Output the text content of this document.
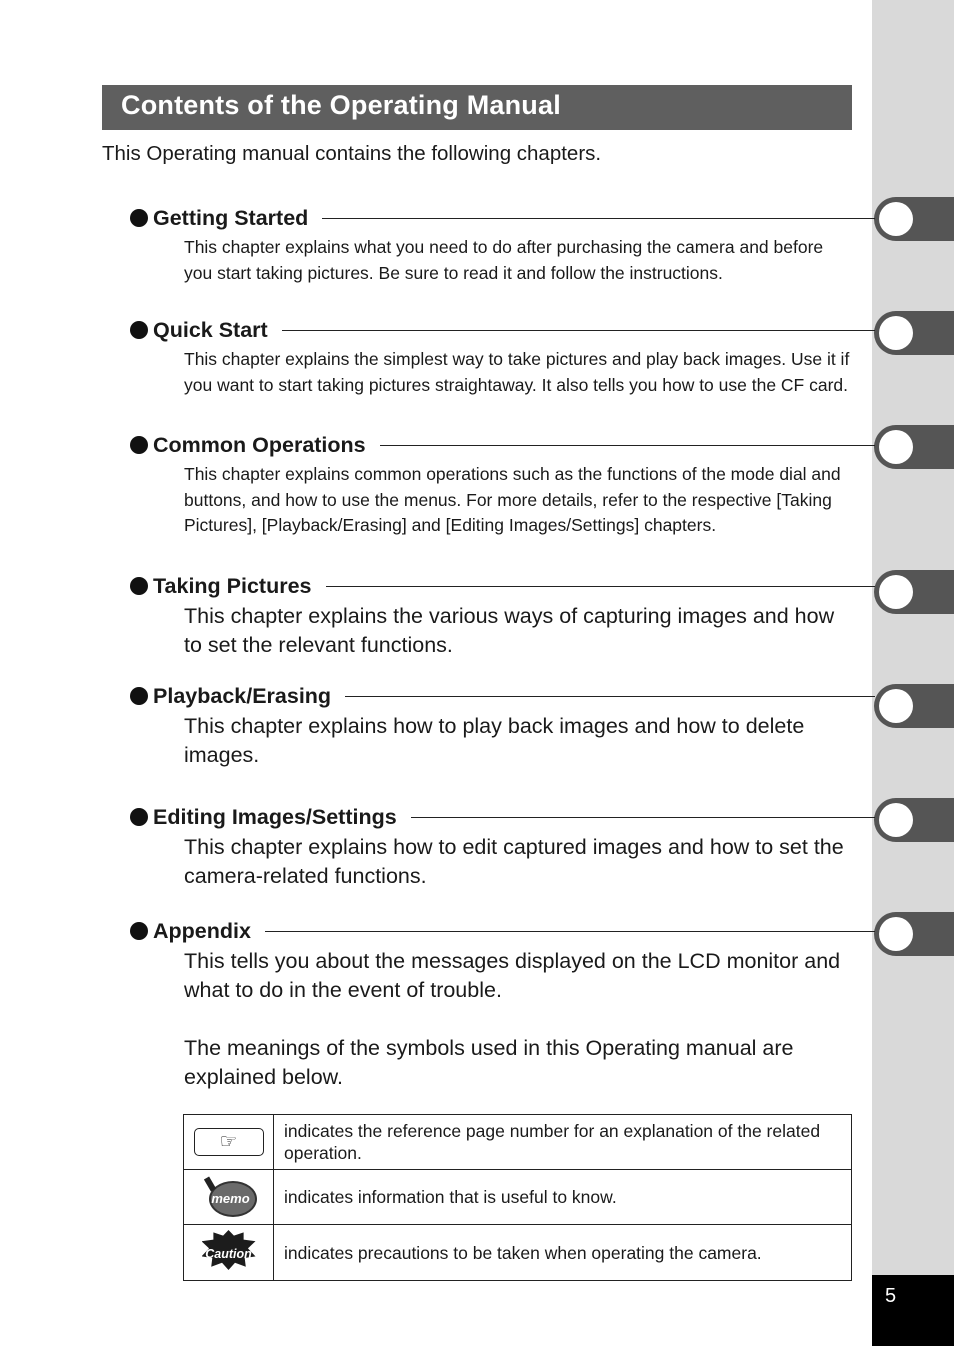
Contents of the Operating Manual
This Operating manual contains the following chapters.
Getting Started

This chapter explains what you need to do after purchasing the camera and before you start taking pictures. Be sure to read it and follow the instructions.

Quick Start

This chapter explains the simplest way to take pictures and play back images. Use it if you want to start taking pictures straightaway. It also tells you how to use the CF card.

Common Operations

This chapter explains common operations such as the functions of the mode dial and buttons, and how to use the menus. For more details, refer to the respective [Taking Pictures], [Playback/Erasing] and [Editing Images/Settings] chapters.

Taking Pictures

This chapter explains the various ways of capturing images and how to set the relevant functions.

Playback/Erasing

This chapter explains how to play back images and how to delete images.

Editing Images/Settings

This chapter explains how to edit captured images and how to set the camera-related functions.

Appendix

This tells you about the messages displayed on the LCD monitor and what to do in the event of trouble.

The meanings of the symbols used in this Operating manual are explained below.
☞	indicates the reference page number for an explanation of the related operation.

memo	indicates information that is useful to know.

Caution	indicates precautions to be taken when operating the camera.
5
